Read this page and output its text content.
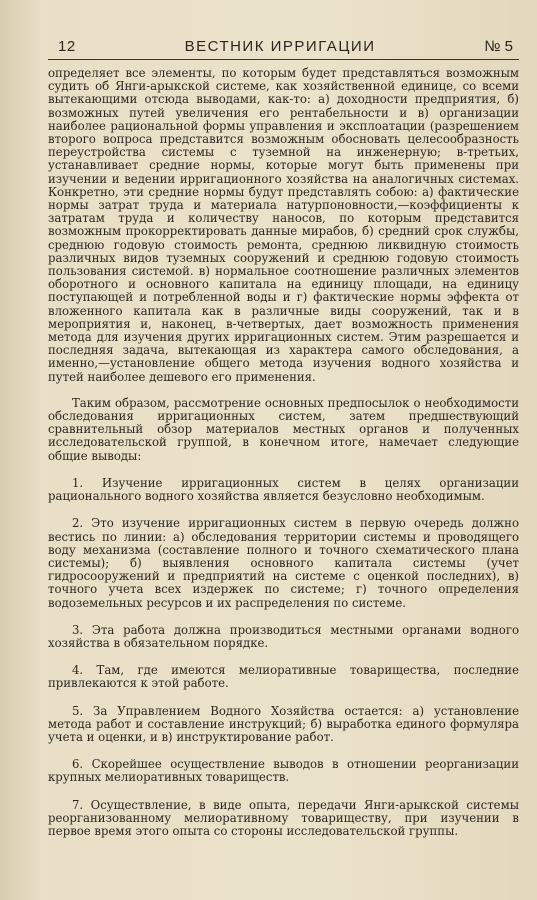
12	ВЕСТНИК ИРРИГАЦИИ	№ 5

определяет все элементы, по которым будет представляться возможным судить об Янги-арыкской системе, как хозяйственной единице, со всеми вытекающими отсюда выводами, как-то: а) доходности предприятия, б) возможных путей увеличения его рентабельности и в) организации наиболее рациональной формы управления и эксплоатации (разрешением второго вопроса представится возможным обосновать целесообразность переустройства системы с туземной на инженерную; в-третьих, устанавливает средние нормы, которые могут быть применены при изучении и ведении ирригационного хозяйства на аналогичных системах. Конкретно, эти средние нормы будут представлять собою: а) фактические нормы затрат труда и материала натурпоновности,—коэффициенты к затратам труда и количеству наносов, по которым представится возможным прокорректировать данные мирабов, б) средний срок службы, среднюю годовую стоимость ремонта, среднюю ликвидную стоимость различных видов туземных сооружений и среднюю годовую стоимость пользования системой. в) нормальное соотношение различных элементов оборотного и основного капитала на единицу площади, на единицу поступающей и потребленной воды и г) фактические нормы эффекта от вложенного капитала как в различные виды сооружений, так и в мероприятия и, наконец, в-четвертых, дает возможность применения метода для изучения других ирригационных систем. Этим разрешается и последняя задача, вытекающая из характера самого обследования, а именно,—установление общего метода изучения водного хозяйства и путей наиболее дешевого его применения.

Таким образом, рассмотрение основных предпосылок о необходимости обследования ирригационных систем, затем предшествующий сравнительный обзор материалов местных органов и полученных исследовательской группой, в конечном итоге, намечает следующие общие выводы:

1. Изучение ирригационных систем в целях организации рационального водного хозяйства является безусловно необходимым.

2. Это изучение ирригационных систем в первую очередь должно вестись по линии: а) обследования территории системы и проводящего воду механизма (составление полного и точного схематического плана системы); б) выявления основного капитала системы (учет гидросооружений и предприятий на системе с оценкой последних), в) точного учета всех издержек по системе; г) точного определения водоземельных ресурсов и их распределения по системе.

3. Эта работа должна производиться местными органами водного хозяйства в обязательном порядке.

4. Там, где имеются мелиоративные товарищества, последние привлекаются к этой работе.

5. За Управлением Водного Хозяйства остается: а) установление метода работ и составление инструкций; б) выработка единого формуляра учета и оценки, и в) инструктирование работ.

6. Скорейшее осуществление выводов в отношении реорганизации крупных мелиоративных товариществ.

7. Осуществление, в виде опыта, передачи Янги-арыкской системы реорганизованному мелиоративному товариществу, при изучении в первое время этого опыта со стороны исследовательской группы.
